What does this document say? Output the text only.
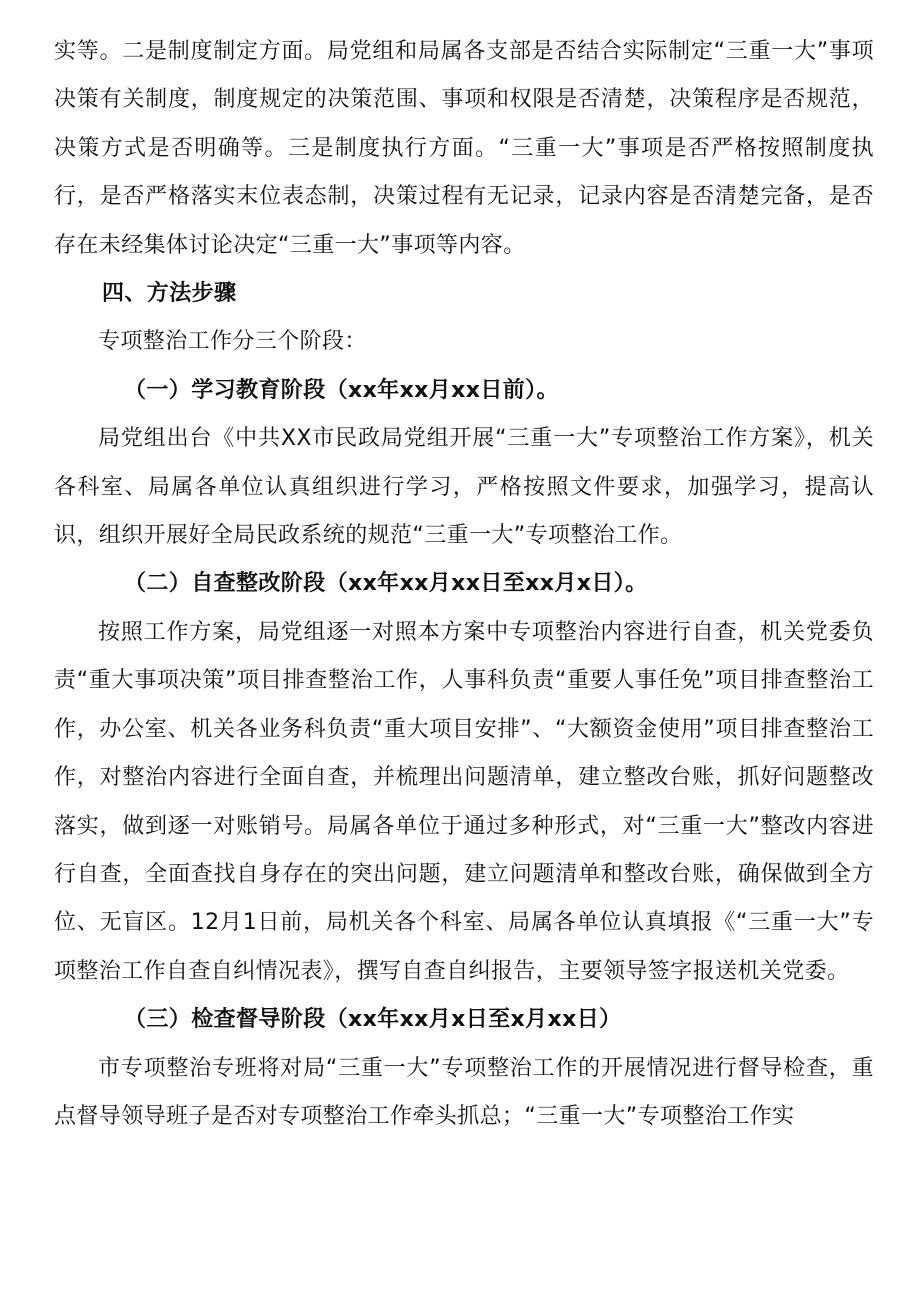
实等。二是制度制定方面。局党组和局属各支部是否结合实际制定“三重一大”事项决策有关制度，制度规定的决策范围、事项和权限是否清楚，决策程序是否规范，决策方式是否明确等。三是制度执行方面。“三重一大”事项是否严格按照制度执行，是否严格落实末位表态制，决策过程有无记录，记录内容是否清楚完备，是否存在未经集体讨论决定“三重一大”事项等内容。

四、方法步骤

专项整治工作分三个阶段：

（一）学习教育阶段（xx年xx月xx日前）。

局党组出台《中共XX市民政局党组开展“三重一大”专项整治工作方案》，机关各科室、局属各单位认真组织进行学习，严格按照文件要求，加强学习，提高认识，组织开展好全局民政系统的规范“三重一大”专项整治工作。

（二）自查整改阶段（xx年xx月xx日至xx月x日）。

按照工作方案，局党组逐一对照本方案中专项整治内容进行自查，机关党委负责“重大事项决策”项目排查整治工作，人事科负责“重要人事任免”项目排查整治工作，办公室、机关各业务科负责“重大项目安排”、“大额资金使用”项目排查整治工作，对整治内容进行全面自查，并梳理出问题清单，建立整改台账，抓好问题整改落实，做到逐一对账销号。局属各单位于通过多种形式，对“三重一大”整改内容进行自查，全面查找自身存在的突出问题，建立问题清单和整改台账，确保做到全方位、无盲区。12月1日前，局机关各个科室、局属各单位认真填报《“三重一大”专项整治工作自查自纠情况表》，撰写自查自纠报告，主要领导签字报送机关党委。

（三）检查督导阶段（xx年xx月x日至x月xx日）

市专项整治专班将对局“三重一大”专项整治工作的开展情况进行督导检查，重点督导领导班子是否对专项整治工作牵头抓总；“三重一大”专项整治工作实
